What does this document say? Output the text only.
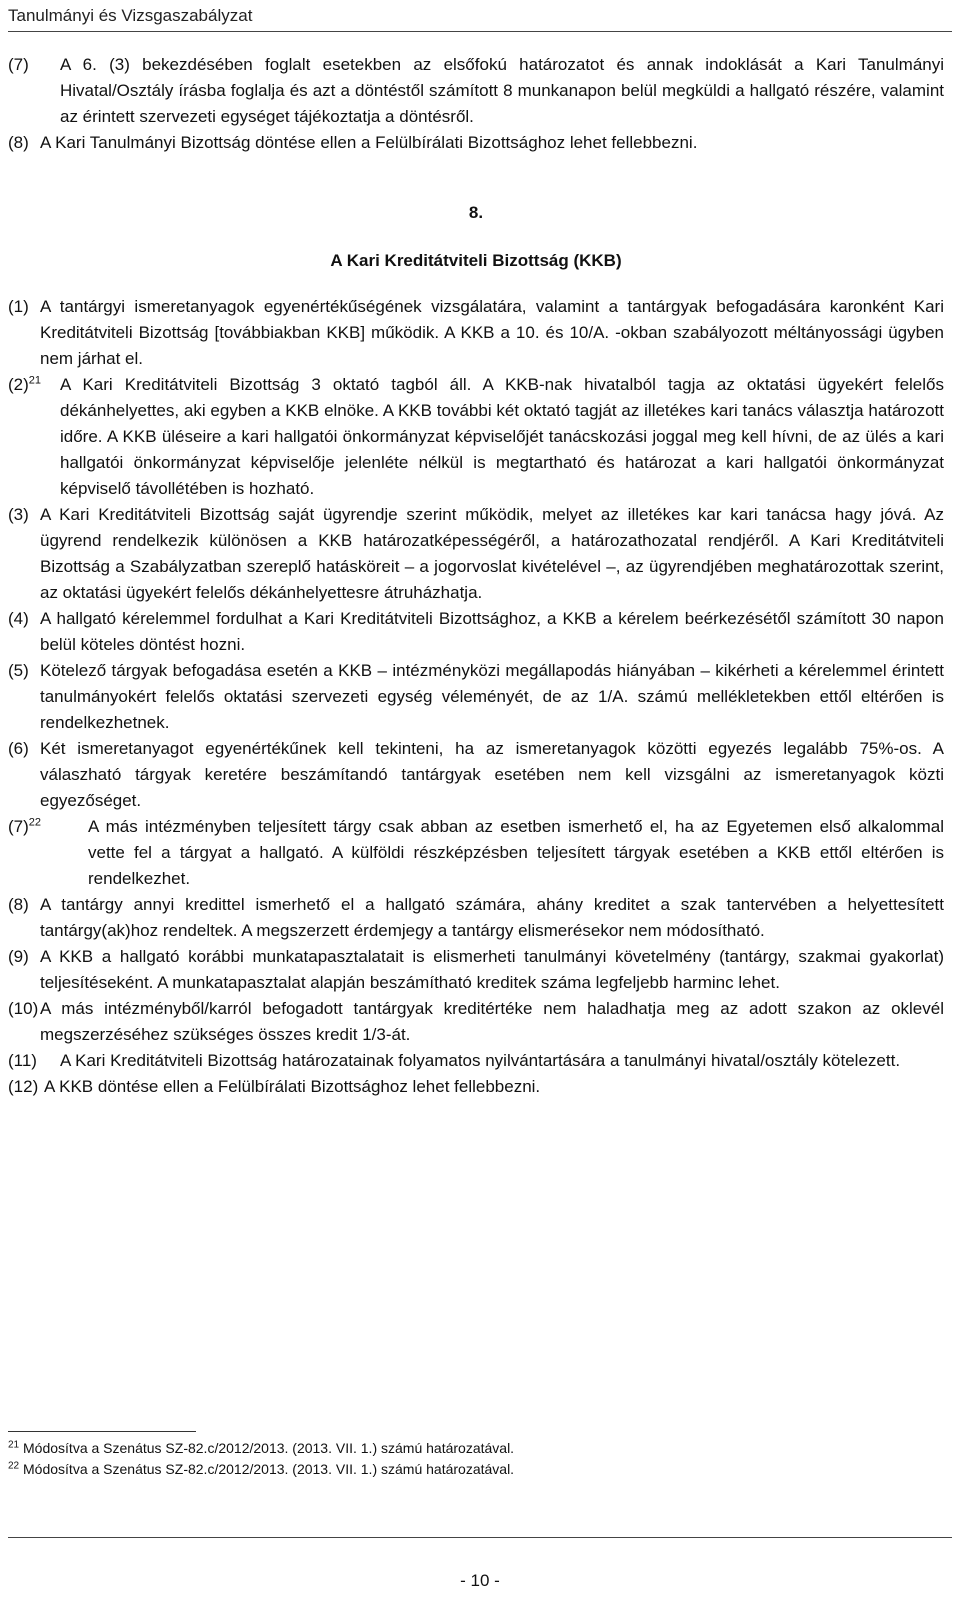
Tanulmányi és Vizsgaszabályzat

(7)	A 6. (3) bekezdésében foglalt esetekben az elsőfokú határozatot és annak indoklását a Kari Tanulmányi Hivatal/Osztály írásba foglalja és azt a döntéstől számított 8 munkanapon belül megküldi a hallgató részére, valamint az érintett szervezeti egységet tájékoztatja a döntésről.

(8) A Kari Tanulmányi Bizottság döntése ellen a Felülbírálati Bizottsághoz lehet fellebbezni.

8.
A Kari Kreditátviteli Bizottság (KKB)

(1) A tantárgyi ismeretanyagok egyenértékűségének vizsgálatára, valamint a tantárgyak befogadására karonként Kari Kreditátviteli Bizottság [továbbiakban KKB] működik. A KKB a 10. és 10/A. -okban szabályozott méltányossági ügyben nem járhat el.

$(2)^{21}$	A Kari Kreditátviteli Bizottság 3 oktató tagból áll. A KKB-nak hivatalból tagja az oktatási ügyekért felelős dékánhelyettes, aki egyben a KKB elnöke. A KKB további két oktató tagját az illetékes kari tanács választja határozott időre. A KKB üléseire a kari hallgatói önkormányzat képviselőjét tanácskozási joggal meg kell hívni, de az ülés a kari hallgatói önkormányzat képviselője jelenléte nélkül is megtartható és határozat a kari hallgatói önkormányzat képviselő távollétében is hozható.

(3) A Kari Kreditátviteli Bizottság saját ügyrendje szerint működik, melyet az illetékes kar kari tanácsa hagy jóvá. Az ügyrend rendelkezik különösen a KKB határozatképességéről, a határozathozatal rendjéről. A Kari Kreditátviteli Bizottság a Szabályzatban szereplő hatásköreit – a jogorvoslat kivételével –, az ügyrendjében meghatározottak szerint, az oktatási ügyekért felelős dékánhelyettesre átruházhatja.

(4) A hallgató kérelemmel fordulhat a Kari Kreditátviteli Bizottsághoz, a KKB a kérelem beérkezésétől számított 30 napon belül köteles döntést hozni.

(5) Kötelező tárgyak befogadása esetén a KKB – intézményközi megállapodás hiányában – kikérheti a kérelemmel érintett tanulmányokért felelős oktatási szervezeti egység véleményét, de az 1/A. számú mellékletekben ettől eltérően is rendelkezhetnek.

(6) Két ismeretanyagot egyenértékűnek kell tekinteni, ha az ismeretanyagok közötti egyezés legalább 75%-os. A válaszható tárgyak keretére beszámítandó tantárgyak esetében nem kell vizsgálni az ismeretanyagok közti egyezőséget.

$(7)^{22}$	A más intézményben teljesített tárgy csak abban az esetben ismerhető el, ha az Egyetemen első alkalommal vette fel a tárgyat a hallgató. A külföldi részképzésben teljesített tárgyak esetében a KKB ettől eltérően is rendelkezhet.

(8) A tantárgy annyi kredittel ismerhető el a hallgató számára, ahány kreditet a szak tantervében a helyettesített tantárgy(ak)hoz rendeltek. A megszerzett érdemjegy a tantárgy elismerésekor nem módosítható.

(9) A KKB a hallgató korábbi munkatapasztalatait is elismerheti tanulmányi követelmény (tantárgy, szakmai gyakorlat) teljesítéseként. A munkatapasztalat alapján beszámítható kreditek száma legfeljebb harminc lehet.

(10) A más intézményből/karról befogadott tantárgyak kreditértéke nem haladhatja meg az adott szakon az oklevél megszerzéséhez szükséges összes kredit 1/3-át.

(11)	A Kari Kreditátviteli Bizottság határozatainak folyamatos nyilvántartására a tanulmányi hivatal/osztály kötelezett.

(12) A KKB döntése ellen a Felülbírálati Bizottsághoz lehet fellebbezni.

$^{21}$ Módosítva a Szenátus SZ-82.c/2012/2013. (2013. VII. 1.) számú határozatával.
$^{22}$ Módosítva a Szenátus SZ-82.c/2012/2013. (2013. VII. 1.) számú határozatával.
- 10 -
